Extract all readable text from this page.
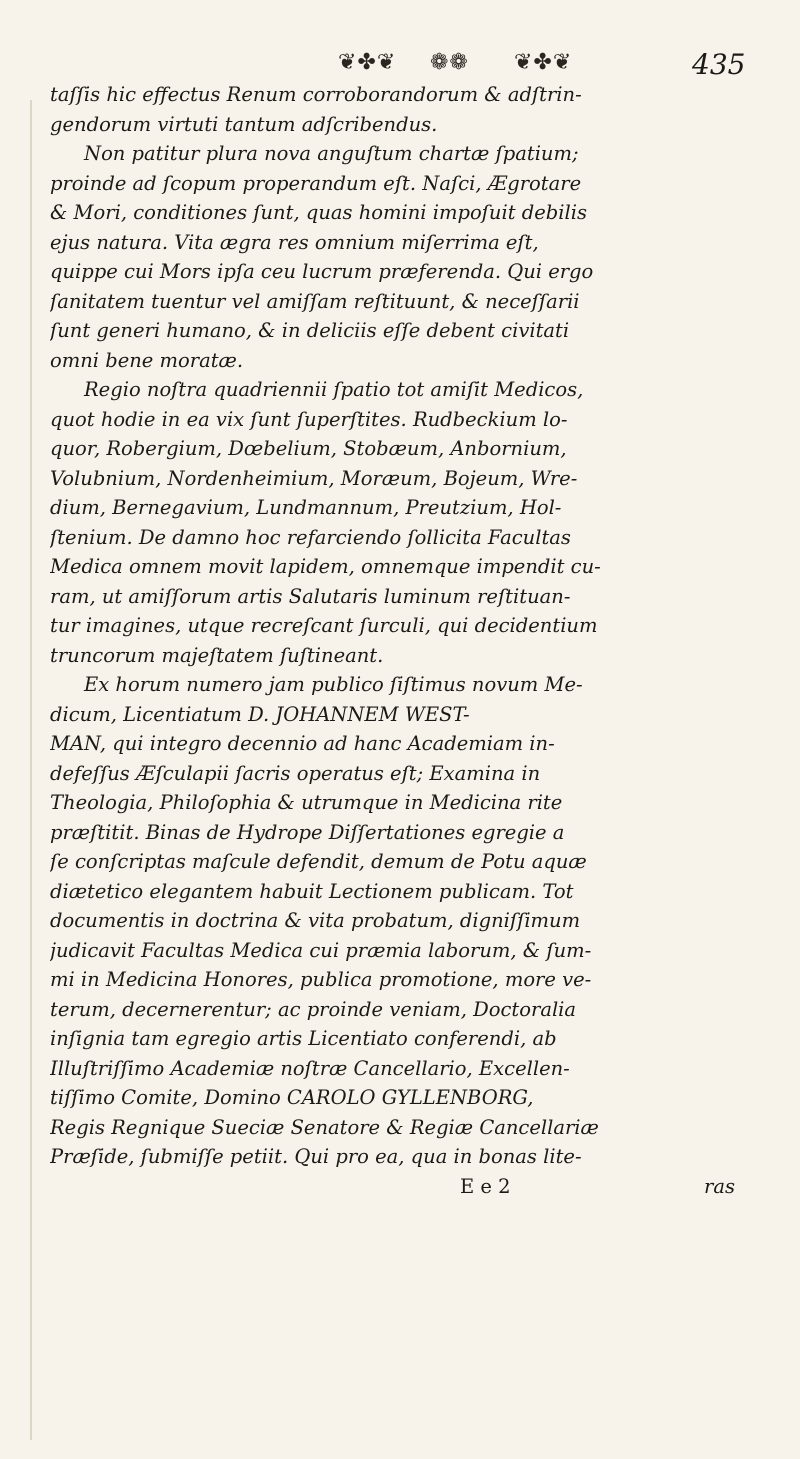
❦✤❦ ❁❁ ❦✤❦	435
taſſis hic effectus Renum corroborandorum & adſtrin-
gendorum virtuti tantum adſcribendus.
Non patitur plura nova anguſtum chartæ ſpatium;
proinde ad ſcopum properandum eſt. Naſci, Ægrotare
& Mori, conditiones ſunt, quas homini impoſuit debilis
ejus natura. Vita ægra res omnium miſerrima eſt,
quippe cui Mors ipſa ceu lucrum præferenda. Qui ergo
ſanitatem tuentur vel amiſſam reſtituunt, & neceſſarii
ſunt generi humano, & in deliciis eſſe debent civitati
omni bene moratæ.
Regio noſtra quadriennii ſpatio tot amiſit Medicos,
quot hodie in ea vix ſunt ſuperſtites. Rudbeckium lo-
quor, Robergium, Dœbelium, Stobæum, Anbornium,
Volubnium, Nordenheimium, Moræum, Bojeum, Wre-
dium, Bernegavium, Lundmannum, Preutzium, Hol-
ſtenium. De damno hoc refarciendo ſollicita Facultas
Medica omnem movit lapidem, omnemque impendit cu-
ram, ut amiſſorum artis Salutaris luminum reſtituan-
tur imagines, utque recreſcant ſurculi, qui decidentium
truncorum majeſtatem ſuſtineant.
Ex horum numero jam publico ſiſtimus novum Me-
dicum, Licentiatum D. JOHANNEM WEST-
MAN, qui integro decennio ad hanc Academiam in-
defeſſus Æſculapii ſacris operatus eſt; Examina in
Theologia, Philoſophia & utrumque in Medicina rite
præſtitit. Binas de Hydrope Diſſertationes egregie a
ſe conſcriptas maſcule defendit, demum de Potu aquæ
diætetico elegantem habuit Lectionem publicam. Tot
documentis in doctrina & vita probatum, digniſſimum
judicavit Facultas Medica cui præmia laborum, & ſum-
mi in Medicina Honores, publica promotione, more ve-
terum, decernerentur; ac proinde veniam, Doctoralia
inſignia tam egregio artis Licentiato conferendi, ab
Illuſtriſſimo Academiæ noſtræ Cancellario, Excellen-
tiſſimo Comite, Domino CAROLO GYLLENBORG,
Regis Regnique Sueciæ Senatore & Regiæ Cancellariæ
Præſide, ſubmiſſe petiit. Qui pro ea, qua in bonas lite-
E e 2	ras
